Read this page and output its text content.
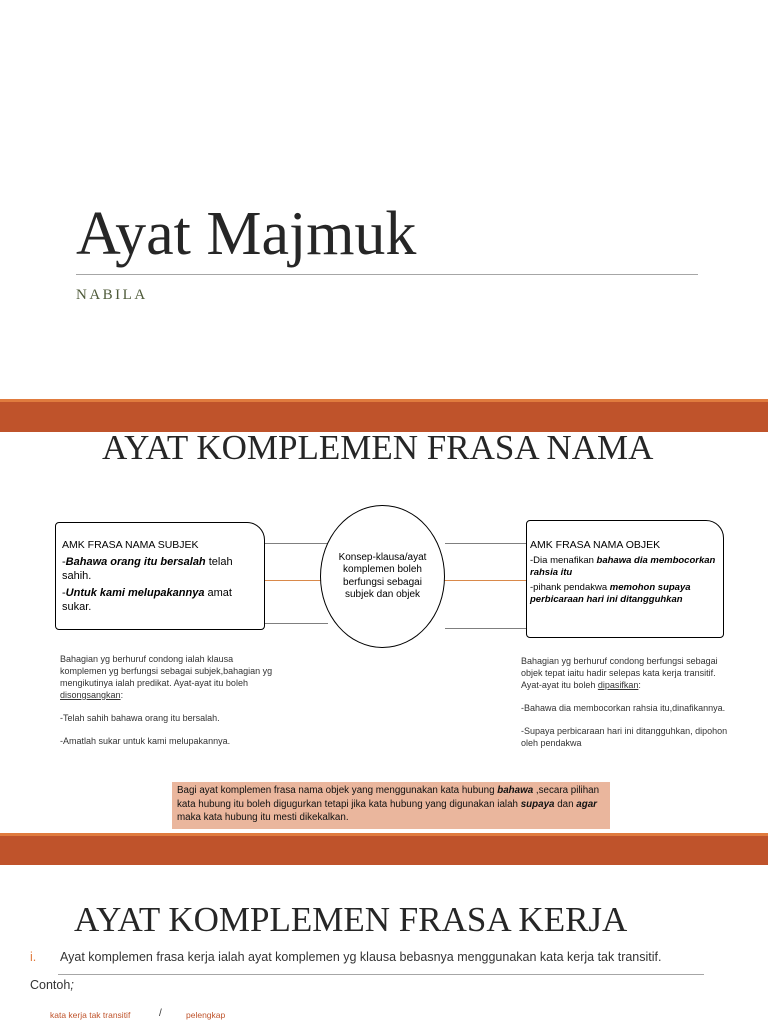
Ayat Majmuk
NABILA
AYAT KOMPLEMEN FRASA NAMA
AMK FRASA NAMA SUBJEK
-Bahawa orang itu bersalah telah sahih.
-Untuk kami melupakannya amat sukar.
Konsep-klausa/ayat komplemen boleh berfungsi sebagai subjek dan objek
AMK FRASA NAMA OBJEK
-Dia menafikan bahawa dia membocorkan rahsia itu
-pihank pendakwa memohon supaya perbicaraan hari ini ditangguhkan

Bahagian yg berhuruf condong ialah klausa komplemen yg berfungsi sebagai subjek,bahagian yg mengikutinya ialah predikat. Ayat-ayat itu boleh disongsangkan:

-Telah sahih bahawa orang itu bersalah.

-Amatlah sukar untuk kami melupakannya.

Bahagian yg berhuruf condong berfungsi sebagai objek tepat iaitu hadir selepas kata kerja transitif. Ayat-ayat itu boleh dipasifkan:

-Bahawa dia membocorkan rahsia itu,dinafikannya.

-Supaya perbicaraan hari ini ditangguhkan, dipohon oleh pendakwa

Bagi ayat komplemen frasa nama objek yang menggunakan kata hubung bahawa ,secara pilihan kata hubung itu boleh digugurkan tetapi jika kata hubung yang digunakan ialah supaya dan agar maka kata hubung itu mesti dikekalkan.
AYAT KOMPLEMEN FRASA KERJA
i. Ayat komplemen frasa kerja ialah ayat komplemen yg klausa bebasnya menggunakan kata kerja tak transitif.
Contoh;
kata kerja tak transitif	/	pelengkap
